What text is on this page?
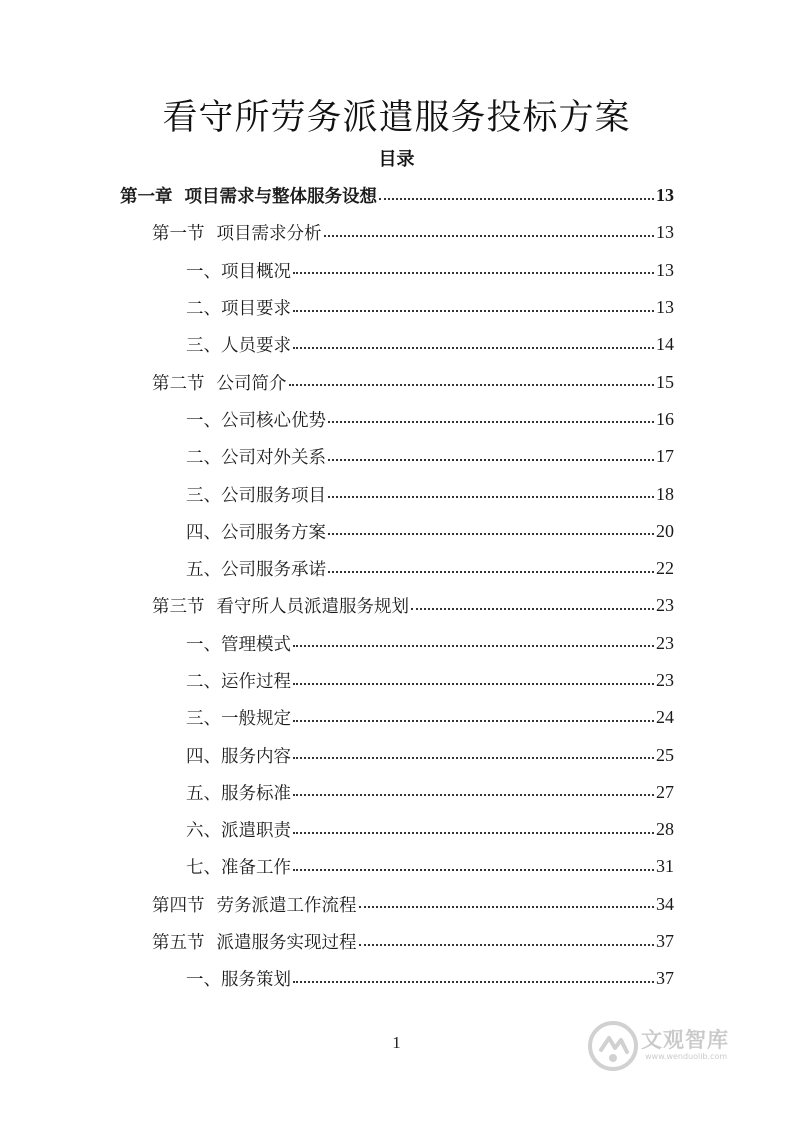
看守所劳务派遣服务投标方案
目录
第一章 项目需求与整体服务设想	13
第一节 项目需求分析	13
一、项目概况	13
二、项目要求	13
三、人员要求	14
第二节 公司简介	15
一、公司核心优势	16
二、公司对外关系	17
三、公司服务项目	18
四、公司服务方案	20
五、公司服务承诺	22
第三节 看守所人员派遣服务规划	23
一、管理模式	23
二、运作过程	23
三、一般规定	24
四、服务内容	25
五、服务标准	27
六、派遣职责	28
七、准备工作	31
第四节 劳务派遣工作流程	34
第五节 派遣服务实现过程	37
一、服务策划	37
1	文观智库
www.wenduolib.com
